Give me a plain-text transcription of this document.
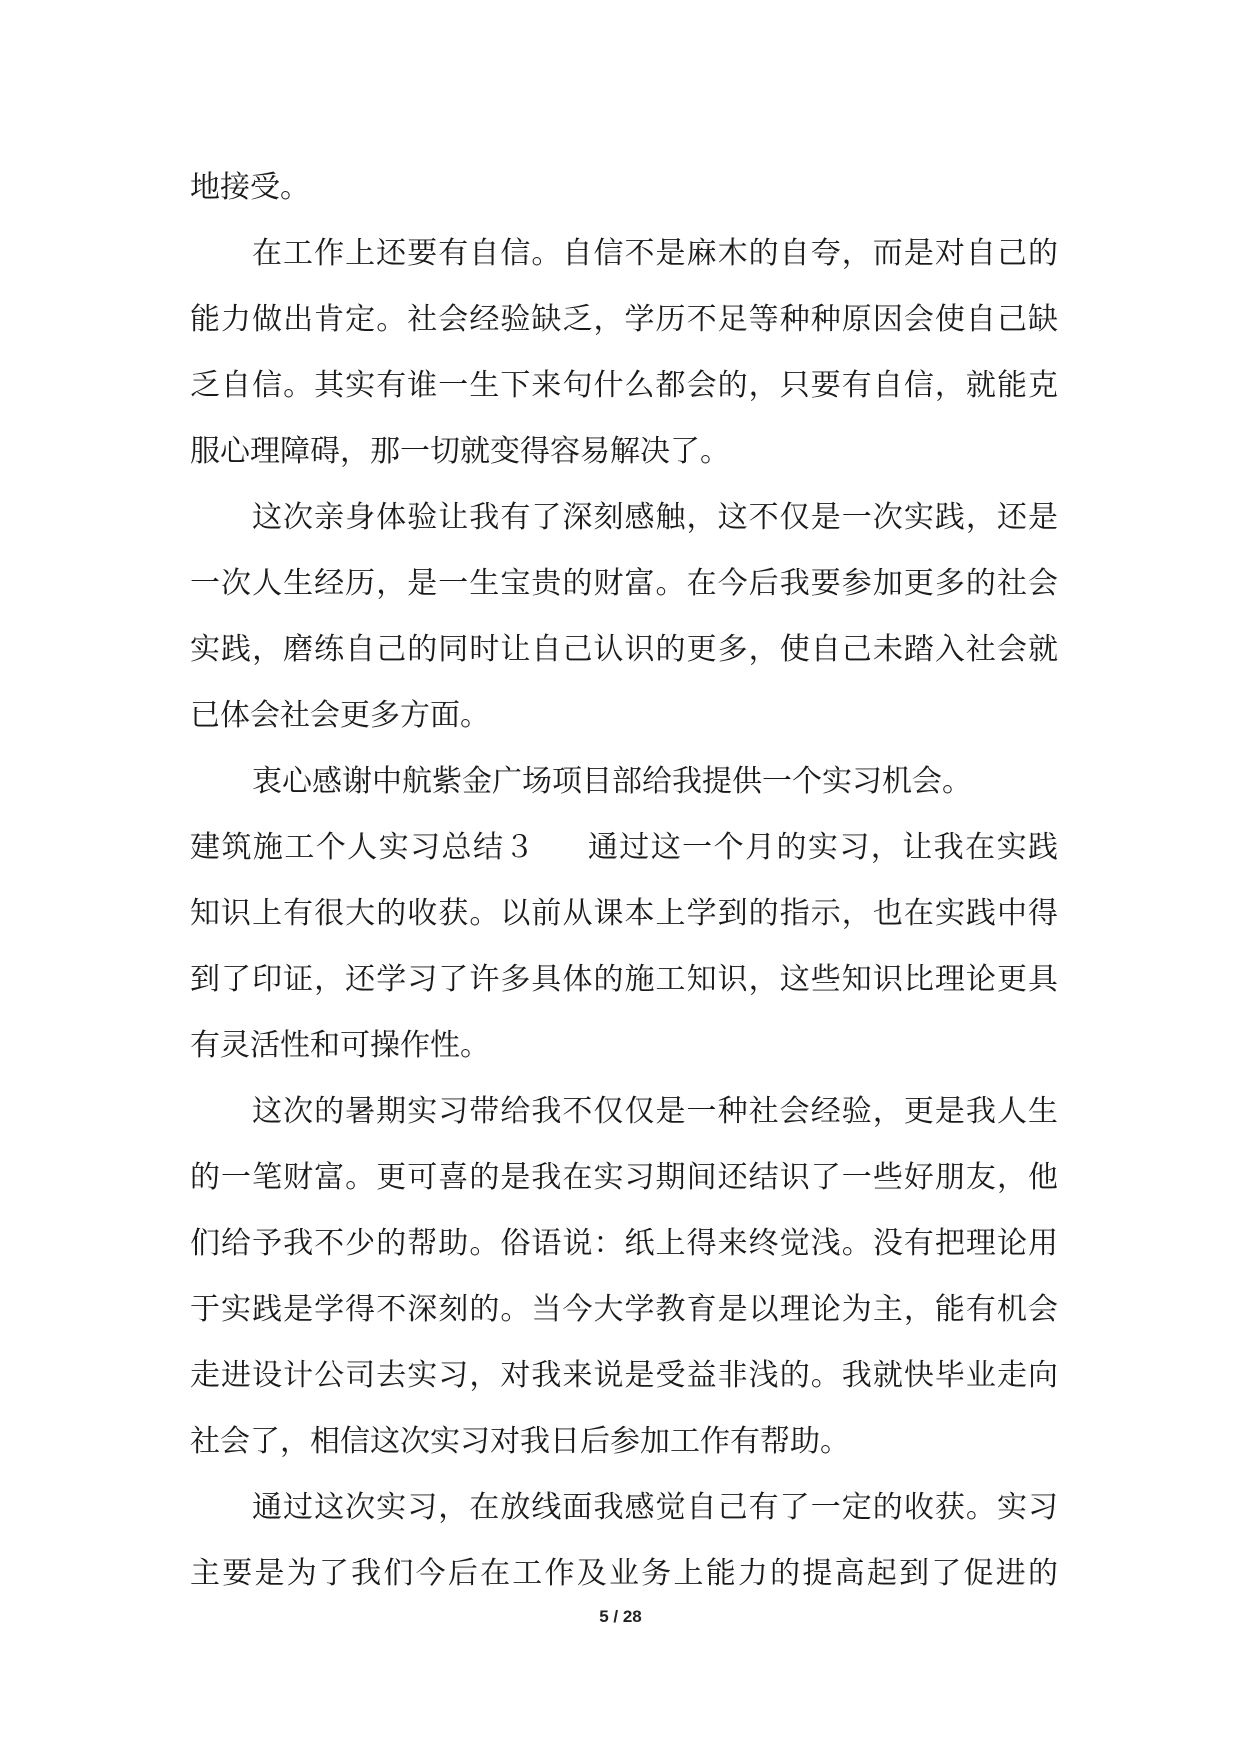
地接受。
在工作上还要有自信。自信不是麻木的自夸，而是对自己的
能力做出肯定。社会经验缺乏，学历不足等种种原因会使自己缺
乏自信。其实有谁一生下来句什么都会的，只要有自信，就能克
服心理障碍，那一切就变得容易解决了。
这次亲身体验让我有了深刻感触，这不仅是一次实践，还是
一次人生经历，是一生宝贵的财富。在今后我要参加更多的社会
实践，磨练自己的同时让自己认识的更多，使自己未踏入社会就
已体会社会更多方面。
衷心感谢中航紫金广场项目部给我提供一个实习机会。
建筑施工个人实习总结３ 通过这一个月的实习，让我在实践
知识上有很大的收获。以前从课本上学到的指示，也在实践中得
到了印证，还学习了许多具体的施工知识，这些知识比理论更具
有灵活性和可操作性。
这次的暑期实习带给我不仅仅是一种社会经验，更是我人生
的一笔财富。更可喜的是我在实习期间还结识了一些好朋友，他
们给予我不少的帮助。俗语说：纸上得来终觉浅。没有把理论用
于实践是学得不深刻的。当今大学教育是以理论为主，能有机会
走进设计公司去实习，对我来说是受益非浅的。我就快毕业走向
社会了，相信这次实习对我日后参加工作有帮助。
通过这次实习，在放线面我感觉自己有了一定的收获。实习
主要是为了我们今后在工作及业务上能力的提高起到了促进的
5 / 28
